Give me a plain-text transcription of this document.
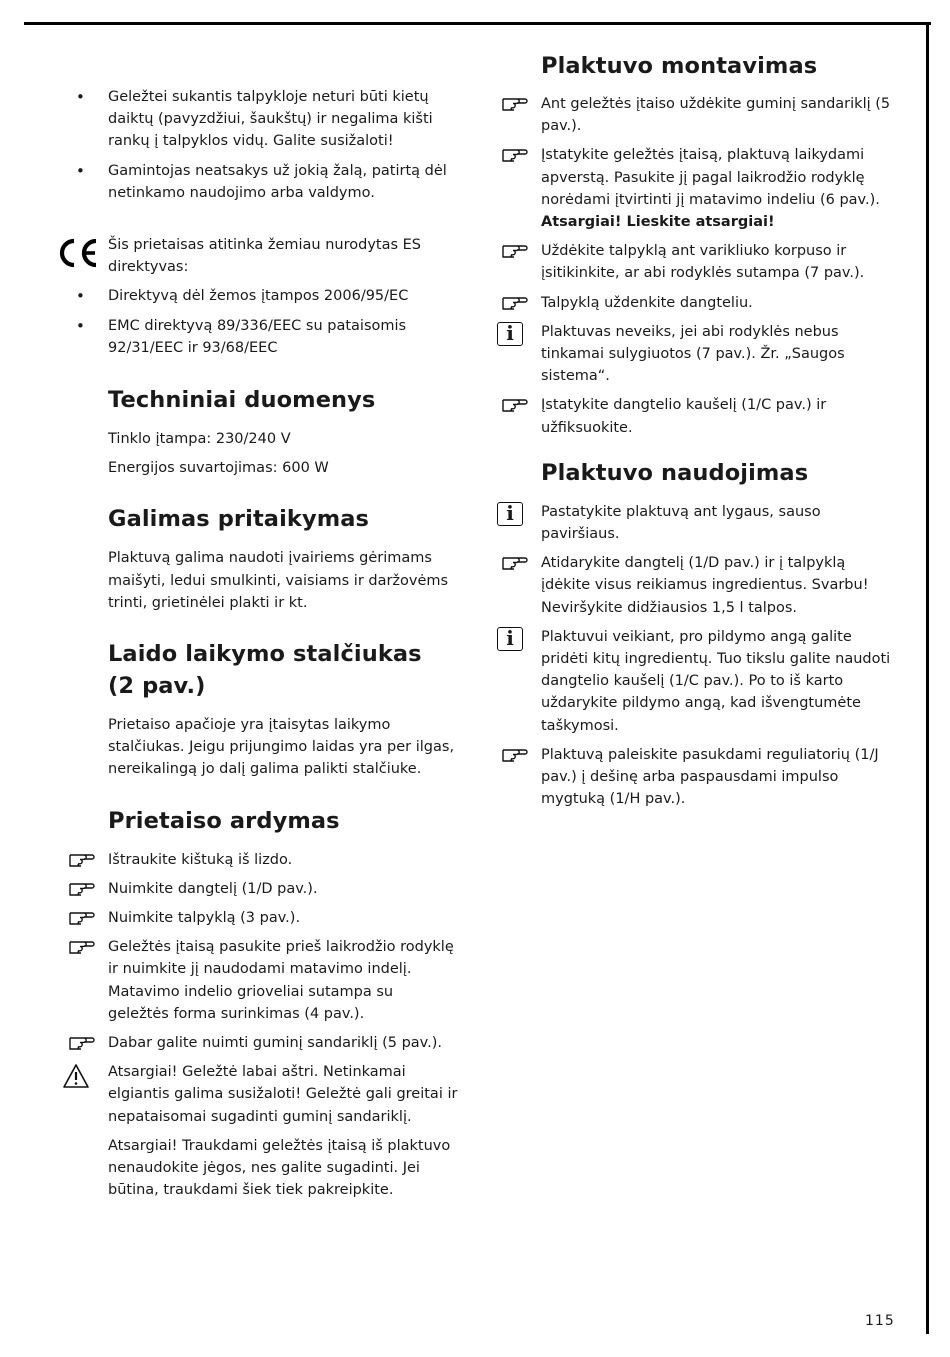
• Geležtei sukantis talpykloje neturi būti kietų daiktų (pavyzdžiui, šaukštų) ir negalima kišti rankų į talpyklos vidų. Galite susižaloti!
• Gamintojas neatsakys už jokią žalą, patirtą dėl netinkamo naudojimo arba valdymo.
Šis prietaisas atitinka žemiau nurodytas ES direktyvas:
• Direktyvą dėl žemos įtampos 2006/95/EC
• EMC direktyvą 89/336/EEC su pataisomis 92/31/EEC ir 93/68/EEC
Techniniai duomenys

Tinklo įtampa: 230/240 V

Energijos suvartojimas: 600 W

Galimas pritaikymas

Plaktuvą galima naudoti įvairiems gėrimams maišyti, ledui smulkinti, vaisiams ir daržovėms trinti, grietinėlei plakti ir kt.

Laido laikymo stalčiukas
(2 pav.)

Prietaiso apačioje yra įtaisytas laikymo stalčiukas. Jeigu prijungimo laidas yra per ilgas, nereikalingą jo dalį galima palikti stalčiuke.

Prietaiso ardymas
Ištraukite kištuką iš lizdo.
Nuimkite dangtelį (1/D pav.).
Nuimkite talpyklą (3 pav.).
Geležtės įtaisą pasukite prieš laikrodžio rodyklę ir nuimkite jį naudodami matavimo indelį. Matavimo indelio grioveliai sutampa su geležtės forma surinkimas (4 pav.).
Dabar galite nuimti guminį sandariklį (5 pav.).
Atsargiai! Geležtė labai aštri. Netinkamai elgiantis galima susižaloti! Geležtė gali greitai ir nepataisomai sugadinti guminį sandariklį.
Atsargiai! Traukdami geležtės įtaisą iš plaktuvo nenaudokite jėgos, nes galite sugadinti. Jei būtina, traukdami šiek tiek pakreipkite.
Plaktuvo montavimas
Ant geležtės įtaiso uždėkite guminį sandariklį (5 pav.).
Įstatykite geležtės įtaisą, plaktuvą laikydami apverstą. Pasukite jį pagal laikrodžio rodyklę norėdami įtvirtinti jį matavimo indeliu (6 pav.).
Atsargiai! Lieskite atsargiai!
Uždėkite talpyklą ant varikliuko korpuso ir įsitikinkite, ar abi rodyklės sutampa (7 pav.).
Talpyklą uždenkite dangteliu.
i	Plaktuvas neveiks, jei abi rodyklės nebus tinkamai sulygiuotos (7 pav.). Žr. „Saugos sistema“.
Įstatykite dangtelio kaušelį (1/C pav.) ir užfiksuokite.
Plaktuvo naudojimas
i	Pastatykite plaktuvą ant lygaus, sauso paviršiaus.
Atidarykite dangtelį (1/D pav.) ir į talpyklą įdėkite visus reikiamus ingredientus. Svarbu! Neviršykite didžiausios 1,5 l talpos.
i	Plaktuvui veikiant, pro pildymo angą galite pridėti kitų ingredientų. Tuo tikslu galite naudoti dangtelio kaušelį (1/C pav.). Po to iš karto uždarykite pildymo angą, kad išvengtumėte taškymosi.
Plaktuvą paleiskite pasukdami reguliatorių (1/J pav.) į dešinę arba paspausdami impulso mygtuką (1/H pav.).
115
